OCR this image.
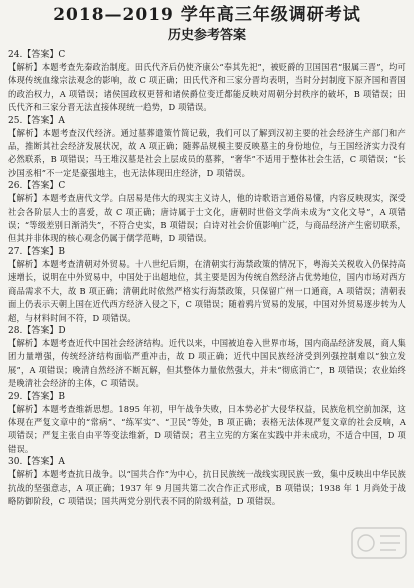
2018—2019 学年高三年级调研考试
历史参考答案

24.【答案】C

【解析】本题考查先秦政治制度。田氏代齐后仍使齐康公“奉其先祀”，被贬爵的卫国国君“服属三晋”，均可体现传统血缘宗法观念的影响，故 C 项正确；田氏代齐和三家分晋均表明，当时分封制度下原齐国和晋国的政治权力，A 项错误；诸侯国政权更替和诸侯爵位变迁都能反映对周朝分封秩序的破坏，B 项错误；田氏代齐和三家分晋无法直接体现统一趋势，D 项错误。

25.【答案】A

【解析】本题考查汉代经济。通过墓葬遣策竹简记载，我们可以了解到汉初主要的社会经济生产部门和产品，推断其社会经济发展状况，故 A 项正确；随葬品规模主要反映墓主的身份地位，与王国经济实力没有必然联系，B 项错误；马王堆汉墓是社会上层成员的墓葬，“奢华”不适用于整体社会生活，C 项错误；“长沙国丞相”不一定是豪强地主，也无法体现田庄经济，D 项错误。

26.【答案】C

【解析】本题考查唐代文学。白居易是伟大的现实主义诗人，他的诗歌语言通俗易懂，内容反映现实，深受社会各阶层人士的喜爱，故 C 项正确；唐诗属于士文化，唐朝时世俗文学尚未成为“文化文导”，A 项错误；“等级差别日渐消失”，不符合史实，B 项错误；白诗对社会价值影响广泛，与商品经济产生密切联系，但其并非体现的核心观念仍属于儒学范畴，D 项错误。

27.【答案】B

【解析】本题考查清朝对外贸易。十八世纪后期，在清朝实行海禁政策的情况下，粤海关关税收入仍保持高速增长，说明在中外贸易中，中国处于出超地位，其主要是因为传统自然经济占优势地位，国内市场对西方商品需求不大，故 B 项正确；清朝此时依然严格实行海禁政策，只保留广州一口通商，A 项错误；清朝表面上仍表示天朝上国在近代西方经济入侵之下，C 项错误；随着鸦片贸易的发展，中国对外贸易逐步转为人超，与材料时间不符，D 项错误。

28.【答案】D

【解析】本题考查近代中国社会经济结构。近代以来，中国被迫卷入世界市场，国内商品经济发展，商人集团力量增强，传统经济结构面临严重冲击，故 D 项正确；近代中国民族经济受到列强控制难以“独立发展”，A 项错误；晚清自然经济不断瓦解，但其整体力量依然强大，并未“彻底消亡”，B 项错误；农业始终是晚清社会经济的主体，C 项错误。

29.【答案】B

【解析】本题考查维新思想。1895 年初，甲午战争失败，日本势必扩大侵华权益，民族危机空前加深，这体现在严复文章中的“常病”、“练军实”、“卫民”等处，B 项正确；表格无法体现严复文章的社会反响，A 项错误；严复主张自由平等变法维新，D 项错误；君主立宪的方案在实践中并未成功，不适合中国，D 项错误。

30.【答案】A

【解析】本题考查抗日战争。以“国共合作”为中心，抗日民族统一战线实现民族一致，集中反映出中华民族抗战的坚强意志，A 项正确；1937 年 9 月国共第二次合作正式形成，B 项错误；1938 年 1 月尚处于战略防御阶段，C 项错误；国共两党分别代表不同的阶级利益，D 项错误。
